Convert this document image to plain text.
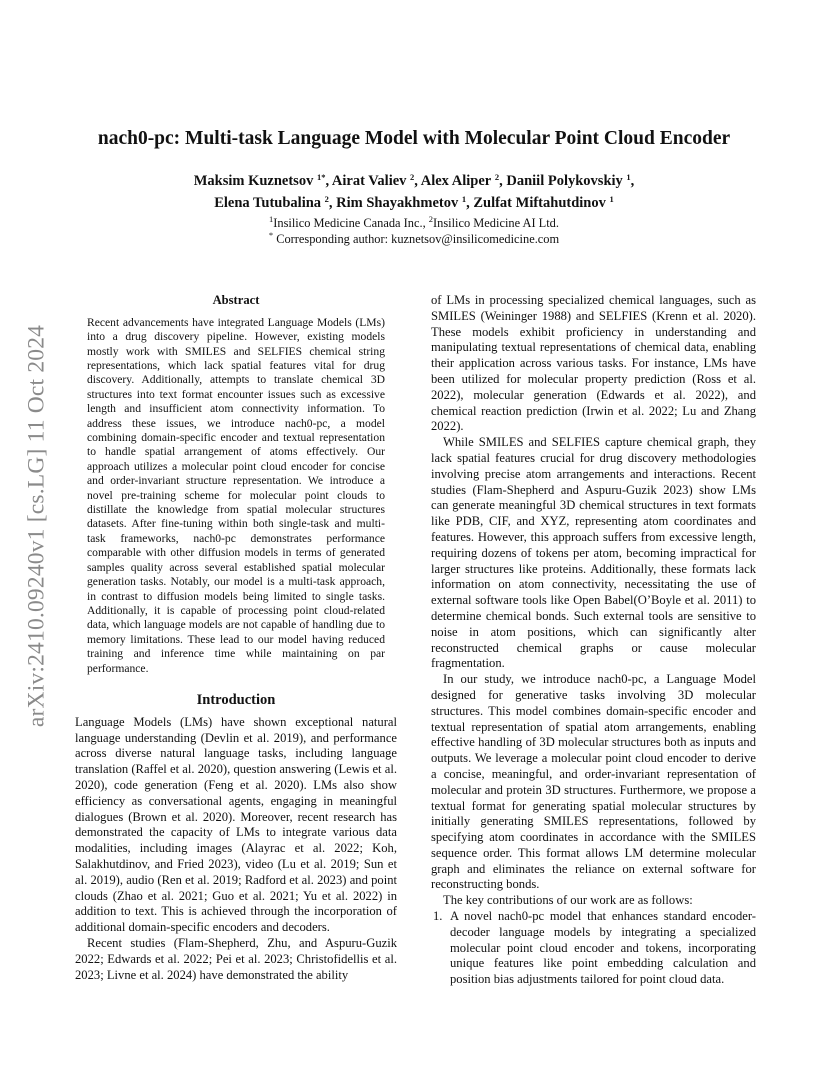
arXiv:2410.09240v1 [cs.LG] 11 Oct 2024
nach0-pc: Multi-task Language Model with Molecular Point Cloud Encoder
Maksim Kuznetsov $^{1*}$, Airat Valiev $^2$, Alex Aliper $^2$, Daniil Polykovskiy $^1$,
Elena Tutubalina $^2$, Rim Shayakhmetov $^1$, Zulfat Miftahutdinov $^1$
$^1$Insilico Medicine Canada Inc., $^2$Insilico Medicine AI Ltd.
* Corresponding author: kuznetsov@insilicomedicine.com
Abstract

Recent advancements have integrated Language Models (LMs) into a drug discovery pipeline. However, existing models mostly work with SMILES and SELFIES chemical string representations, which lack spatial features vital for drug discovery. Additionally, attempts to translate chemical 3D structures into text format encounter issues such as excessive length and insufficient atom connectivity information. To address these issues, we introduce nach0-pc, a model combining domain-specific encoder and textual representation to handle spatial arrangement of atoms effectively. Our approach utilizes a molecular point cloud encoder for concise and order-invariant structure representation. We introduce a novel pre-training scheme for molecular point clouds to distillate the knowledge from spatial molecular structures datasets. After fine-tuning within both single-task and multi-task frameworks, nach0-pc demonstrates performance comparable with other diffusion models in terms of generated samples quality across several established spatial molecular generation tasks. Notably, our model is a multi-task approach, in contrast to diffusion models being limited to single tasks. Additionally, it is capable of processing point cloud-related data, which language models are not capable of handling due to memory limitations. These lead to our model having reduced training and inference time while maintaining on par performance.

Introduction

Language Models (LMs) have shown exceptional natural language understanding (Devlin et al. 2019), and performance across diverse natural language tasks, including language translation (Raffel et al. 2020), question answering (Lewis et al. 2020), code generation (Feng et al. 2020). LMs also show efficiency as conversational agents, engaging in meaningful dialogues (Brown et al. 2020). Moreover, recent research has demonstrated the capacity of LMs to integrate various data modalities, including images (Alayrac et al. 2022; Koh, Salakhutdinov, and Fried 2023), video (Lu et al. 2019; Sun et al. 2019), audio (Ren et al. 2019; Radford et al. 2023) and point clouds (Zhao et al. 2021; Guo et al. 2021; Yu et al. 2022) in addition to text. This is achieved through the incorporation of additional domain-specific encoders and decoders.

Recent studies (Flam-Shepherd, Zhu, and Aspuru-Guzik 2022; Edwards et al. 2022; Pei et al. 2023; Christofidellis et al. 2023; Livne et al. 2024) have demonstrated the ability

of LMs in processing specialized chemical languages, such as SMILES (Weininger 1988) and SELFIES (Krenn et al. 2020). These models exhibit proficiency in understanding and manipulating textual representations of chemical data, enabling their application across various tasks. For instance, LMs have been utilized for molecular property prediction (Ross et al. 2022), molecular generation (Edwards et al. 2022), and chemical reaction prediction (Irwin et al. 2022; Lu and Zhang 2022).

While SMILES and SELFIES capture chemical graph, they lack spatial features crucial for drug discovery methodologies involving precise atom arrangements and interactions. Recent studies (Flam-Shepherd and Aspuru-Guzik 2023) show LMs can generate meaningful 3D chemical structures in text formats like PDB, CIF, and XYZ, representing atom coordinates and features. However, this approach suffers from excessive length, requiring dozens of tokens per atom, becoming impractical for larger structures like proteins. Additionally, these formats lack information on atom connectivity, necessitating the use of external software tools like Open Babel(O’Boyle et al. 2011) to determine chemical bonds. Such external tools are sensitive to noise in atom positions, which can significantly alter reconstructed chemical graphs or cause molecular fragmentation.

In our study, we introduce nach0-pc, a Language Model designed for generative tasks involving 3D molecular structures. This model combines domain-specific encoder and textual representation of spatial atom arrangements, enabling effective handling of 3D molecular structures both as inputs and outputs. We leverage a molecular point cloud encoder to derive a concise, meaningful, and order-invariant representation of molecular and protein 3D structures. Furthermore, we propose a textual format for generating spatial molecular structures by initially generating SMILES representations, followed by specifying atom coordinates in accordance with the SMILES sequence order. This format allows LM determine molecular graph and eliminates the reliance on external software for reconstructing bonds.

The key contributions of our work are as follows:

1. A novel nach0-pc model that enhances standard encoder-decoder language models by integrating a specialized molecular point cloud encoder and tokens, incorporating unique features like point embedding calculation and position bias adjustments tailored for point cloud data.
